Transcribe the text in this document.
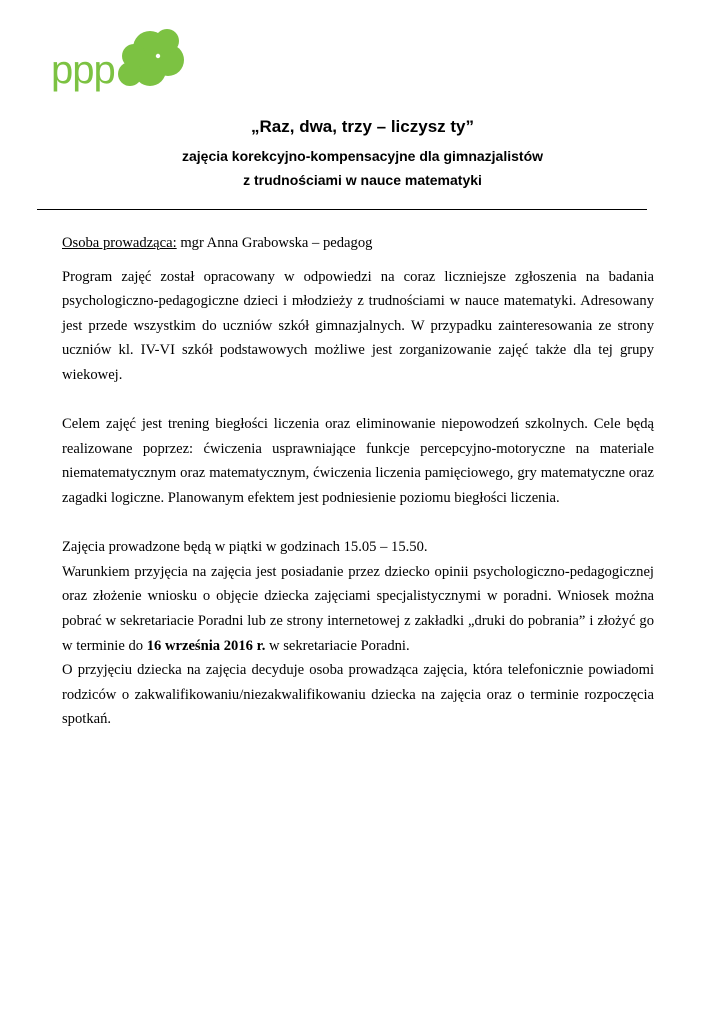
ppp
„Raz, dwa, trzy – liczysz ty”
zajęcia korekcyjno-kompensacyjne dla gimnazjalistów
z trudnościami w nauce matematyki

Osoba prowadząca: mgr Anna Grabowska – pedagog

Program zajęć został opracowany w odpowiedzi na coraz liczniejsze zgłoszenia na badania psychologiczno-pedagogiczne dzieci i młodzieży z trudnościami w nauce matematyki. Adresowany jest przede wszystkim do uczniów szkół gimnazjalnych. W przypadku zainteresowania ze strony uczniów kl. IV-VI szkół podstawowych możliwe jest zorganizowanie zajęć także dla tej grupy wiekowej.

Celem zajęć jest trening biegłości liczenia oraz eliminowanie niepowodzeń szkolnych. Cele będą realizowane poprzez: ćwiczenia usprawniające funkcje percepcyjno-motoryczne na materiale niematematycznym oraz matematycznym, ćwiczenia liczenia pamięciowego, gry matematyczne oraz zagadki logiczne. Planowanym efektem jest podniesienie poziomu biegłości liczenia.

Zajęcia prowadzone będą w piątki w godzinach 15.05 – 15.50.

Warunkiem przyjęcia na zajęcia jest posiadanie przez dziecko opinii psychologiczno-pedagogicznej oraz złożenie wniosku o objęcie dziecka zajęciami specjalistycznymi w poradni. Wniosek można pobrać w sekretariacie Poradni lub ze strony internetowej z zakładki „druki do pobrania” i złożyć go w terminie do 16 września 2016 r. w sekretariacie Poradni.

O przyjęciu dziecka na zajęcia decyduje osoba prowadząca zajęcia, która telefonicznie powiadomi rodziców o zakwalifikowaniu/niezakwalifikowaniu dziecka na zajęcia oraz o terminie rozpoczęcia spotkań.
